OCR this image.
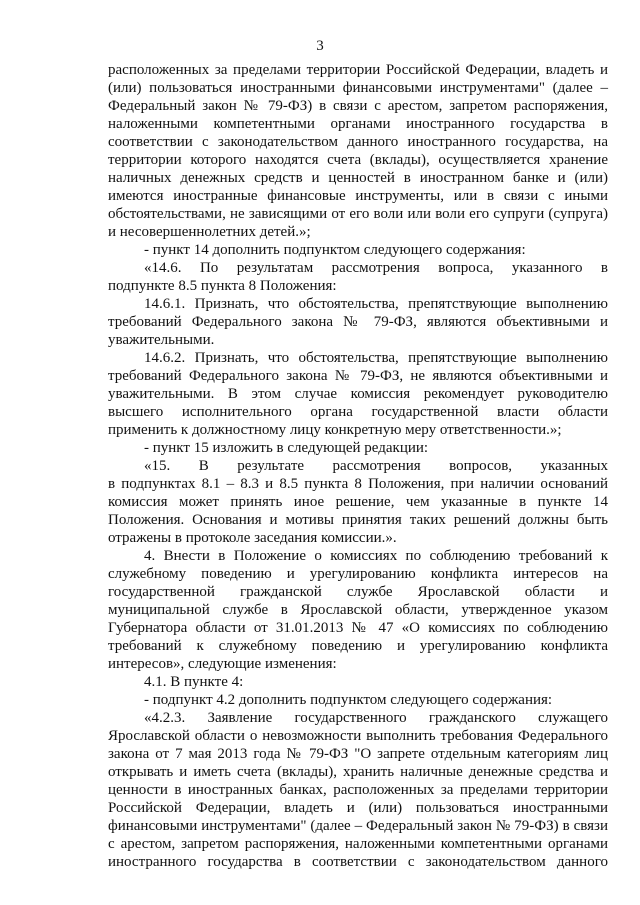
3
расположенных за пределами территории Российской Федерации, владеть и
(или) пользоваться иностранными финансовыми инструментами" (далее –
Федеральный закон № 79-ФЗ) в связи с арестом, запретом распоряжения,
наложенными компетентными органами иностранного государства в
соответствии с законодательством данного иностранного государства, на
территории которого находятся счета (вклады), осуществляется хранение
наличных денежных средств и ценностей в иностранном банке и (или)
имеются иностранные финансовые инструменты, или в связи с иными
обстоятельствами, не зависящими от его воли или воли его супруги (супруга)
и несовершеннолетних детей.»;
- пункт 14 дополнить подпунктом следующего содержания:
«14.6. По результатам рассмотрения вопроса, указанного в
подпункте 8.5 пункта 8 Положения:
14.6.1. Признать, что обстоятельства, препятствующие выполнению
требований Федерального закона № 79-ФЗ, являются объективными и
уважительными.
14.6.2. Признать, что обстоятельства, препятствующие выполнению
требований Федерального закона № 79-ФЗ, не являются объективными и
уважительными. В этом случае комиссия рекомендует руководителю
высшего исполнительного органа государственной власти области
применить к должностному лицу конкретную меру ответственности.»;
- пункт 15 изложить в следующей редакции:
«15. В результате рассмотрения вопросов, указанных
в подпунктах 8.1 – 8.3 и 8.5 пункта 8 Положения, при наличии оснований
комиссия может принять иное решение, чем указанные в пункте 14
Положения. Основания и мотивы принятия таких решений должны быть
отражены в протоколе заседания комиссии.».
4. Внести в Положение о комиссиях по соблюдению требований к
служебному поведению и урегулированию конфликта интересов на
государственной гражданской службе Ярославской области и
муниципальной службе в Ярославской области, утвержденное указом
Губернатора области от 31.01.2013 № 47 «О комиссиях по соблюдению
требований к служебному поведению и урегулированию конфликта
интересов», следующие изменения:
4.1. В пункте 4:
- подпункт 4.2 дополнить подпунктом следующего содержания:
«4.2.3. Заявление государственного гражданского служащего
Ярославской области о невозможности выполнить требования Федерального
закона от 7 мая 2013 года № 79-ФЗ "О запрете отдельным категориям лиц
открывать и иметь счета (вклады), хранить наличные денежные средства и
ценности в иностранных банках, расположенных за пределами территории
Российской Федерации, владеть и (или) пользоваться иностранными
финансовыми инструментами" (далее – Федеральный закон № 79-ФЗ) в связи
с арестом, запретом распоряжения, наложенными компетентными органами
иностранного государства в соответствии с законодательством данного
